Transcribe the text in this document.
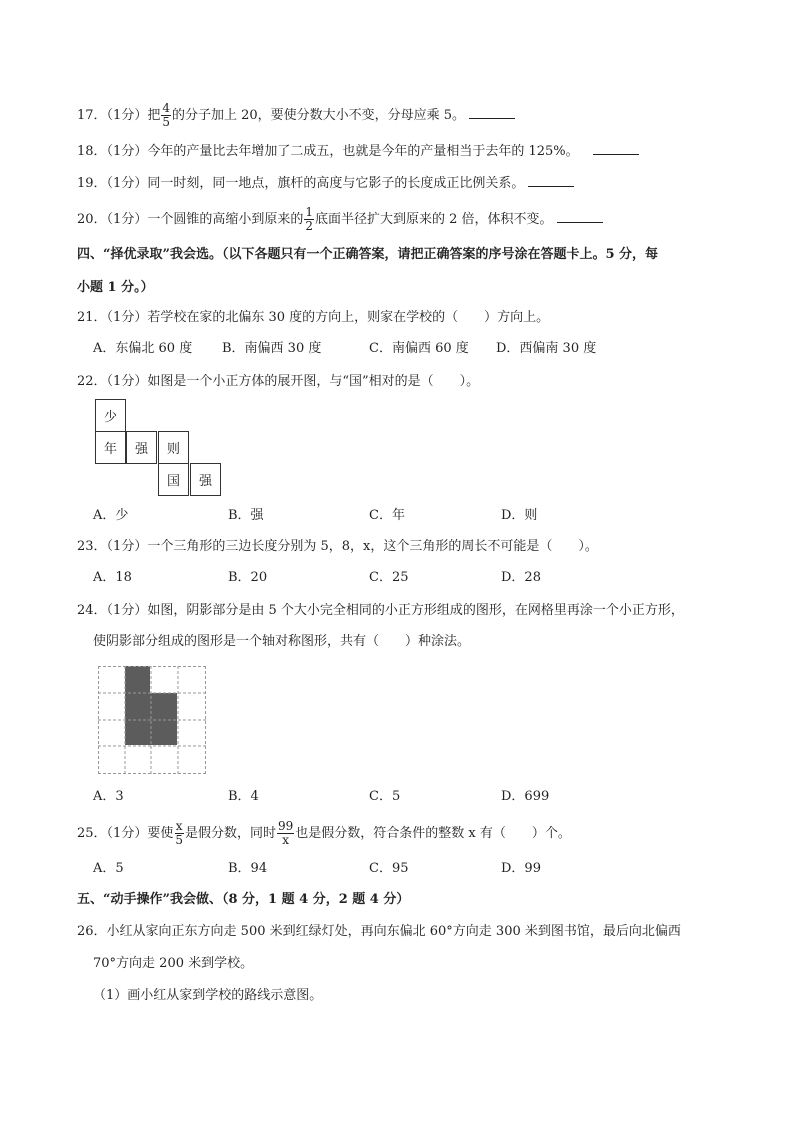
17．（1分）把 $\frac{4}{5}$ 的分子加上 20，要使分数大小不变，分母应乘 5。
18．（1分）今年的产量比去年增加了二成五，也就是今年的产量相当于去年的 125%。
19．（1分）同一时刻，同一地点，旗杆的高度与它影子的长度成正比例关系。
20．（1分）一个圆锥的高缩小到原来的 $\frac{1}{2}$ 底面半径扩大到原来的 2 倍，体积不变。
四、“择优录取”我会选。（以下各题只有一个正确答案，请把正确答案的序号涂在答题卡上。5 分，每
小题 1 分。）
21．（1分）若学校在家的北偏东 30 度的方向上，则家在学校的（　　）方向上。
A．东偏北 60 度 B．南偏西 30 度	C．南偏西 60 度 D．西偏南 30 度
22．（1分）如图是一个小正方体的展开图，与“国”相对的是（　　）。
少
年	强	则
国	强
A．少	B．强	C．年	D．则
23．（1分）一个三角形的三边长度分别为 5，8，x，这个三角形的周长不可能是（　　）。
A．18	B．20	C．25	D．28
24．（1分）如图，阴影部分是由 5 个大小完全相同的小正方形组成的图形，在网格里再涂一个小正方形，
使阴影部分组成的图形是一个轴对称图形，共有（　　）种涂法。
A．3	B．4	C．5	D．699
25．（1分）要使 $\frac{x}{5}$ 是假分数，同时 $\frac{99}{x}$ 也是假分数，符合条件的整数 x 有（　　）个。
A．5	B．94	C．95	D．99
五、“动手操作”我会做、（8 分，1 题 4 分，2 题 4 分）
26．小红从家向正东方向走 500 米到红绿灯处，再向东偏北 60°方向走 300 米到图书馆，最后向北偏西
70°方向走 200 米到学校。
（1）画小红从家到学校的路线示意图。
